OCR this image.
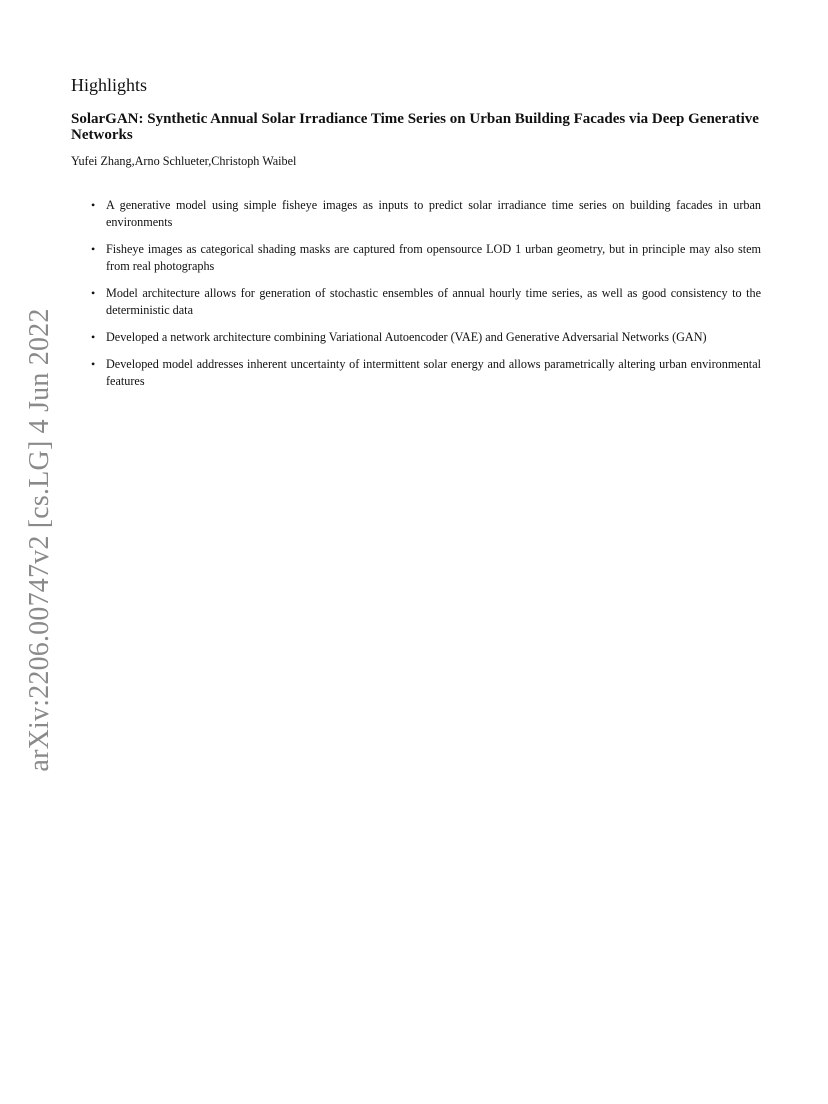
Highlights
SolarGAN: Synthetic Annual Solar Irradiance Time Series on Urban Building Facades via Deep Generative Networks

Yufei Zhang,Arno Schlueter,Christoph Waibel

• A generative model using simple fisheye images as inputs to predict solar irradiance time series on building facades in urban environments
• Fisheye images as categorical shading masks are captured from opensource LOD 1 urban geometry, but in principle may also stem from real photographs
• Model architecture allows for generation of stochastic ensembles of annual hourly time series, as well as good consistency to the deterministic data
• Developed a network architecture combining Variational Autoencoder (VAE) and Generative Adversarial Networks (GAN)
• Developed model addresses inherent uncertainty of intermittent solar energy and allows parametrically altering urban environmental features
arXiv:2206.00747v2 [cs.LG] 4 Jun 2022
